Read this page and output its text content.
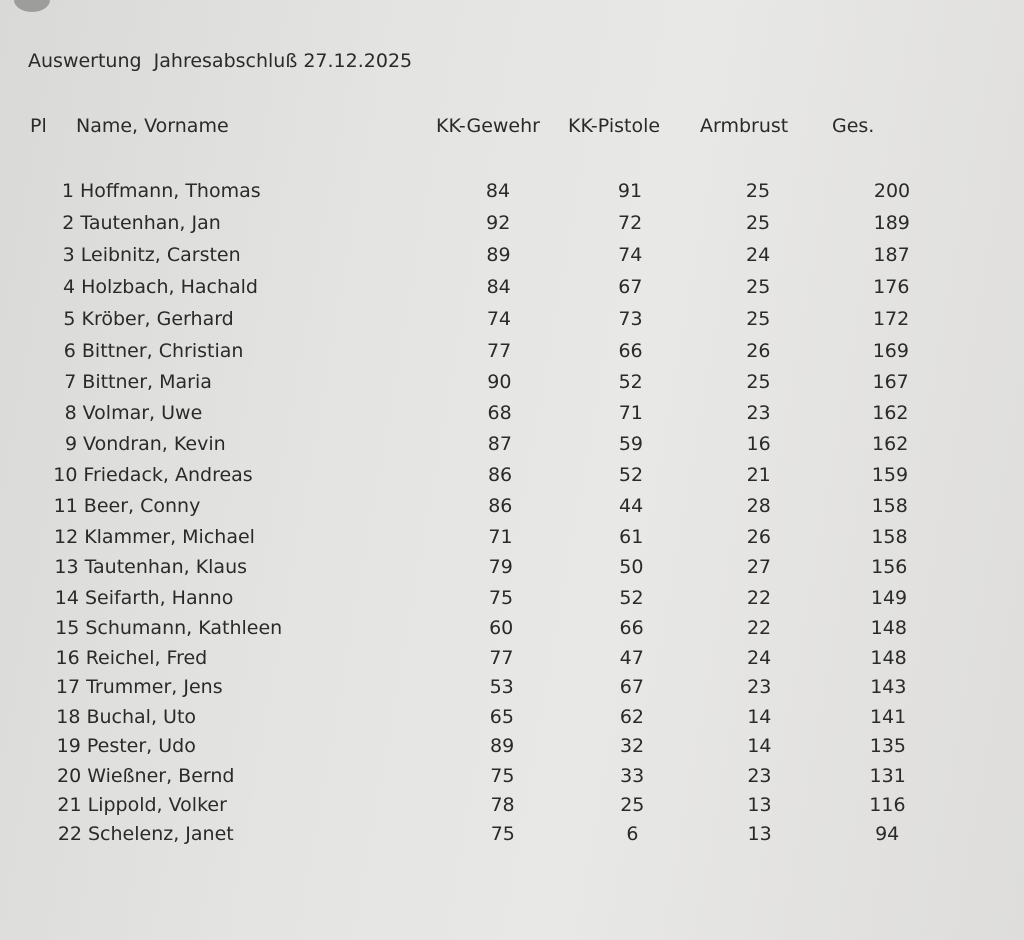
Auswertung  Jahresabschluß 27.12.2025
Pl Name, Vorname	KK-Gewehr KK-Pistole Armbrust Ges.
1 Hoffmann, Thomas	84	91	25	200
2 Tautenhan, Jan	92	72	25	189
3 Leibnitz, Carsten	89	74	24	187
4 Holzbach, Hachald	84	67	25	176
5 Kröber, Gerhard	74	73	25	172
6 Bittner, Christian	77	66	26	169
7 Bittner, Maria	90	52	25	167
8 Volmar, Uwe	68	71	23	162
9 Vondran, Kevin	87	59	16	162
10 Friedack, Andreas	86	52	21	159
11 Beer, Conny	86	44	28	158
12 Klammer, Michael	71	61	26	158
13 Tautenhan, Klaus	79	50	27	156
14 Seifarth, Hanno	75	52	22	149
15 Schumann, Kathleen	60	66	22	148
16 Reichel, Fred	77	47	24	148
17 Trummer, Jens	53	67	23	143
18 Buchal, Uto	65	62	14	141
19 Pester, Udo	89	32	14	135
20 Wießner, Bernd	75	33	23	131
21 Lippold, Volker	78	25	13	116
22 Schelenz, Janet	75	6	13	94
